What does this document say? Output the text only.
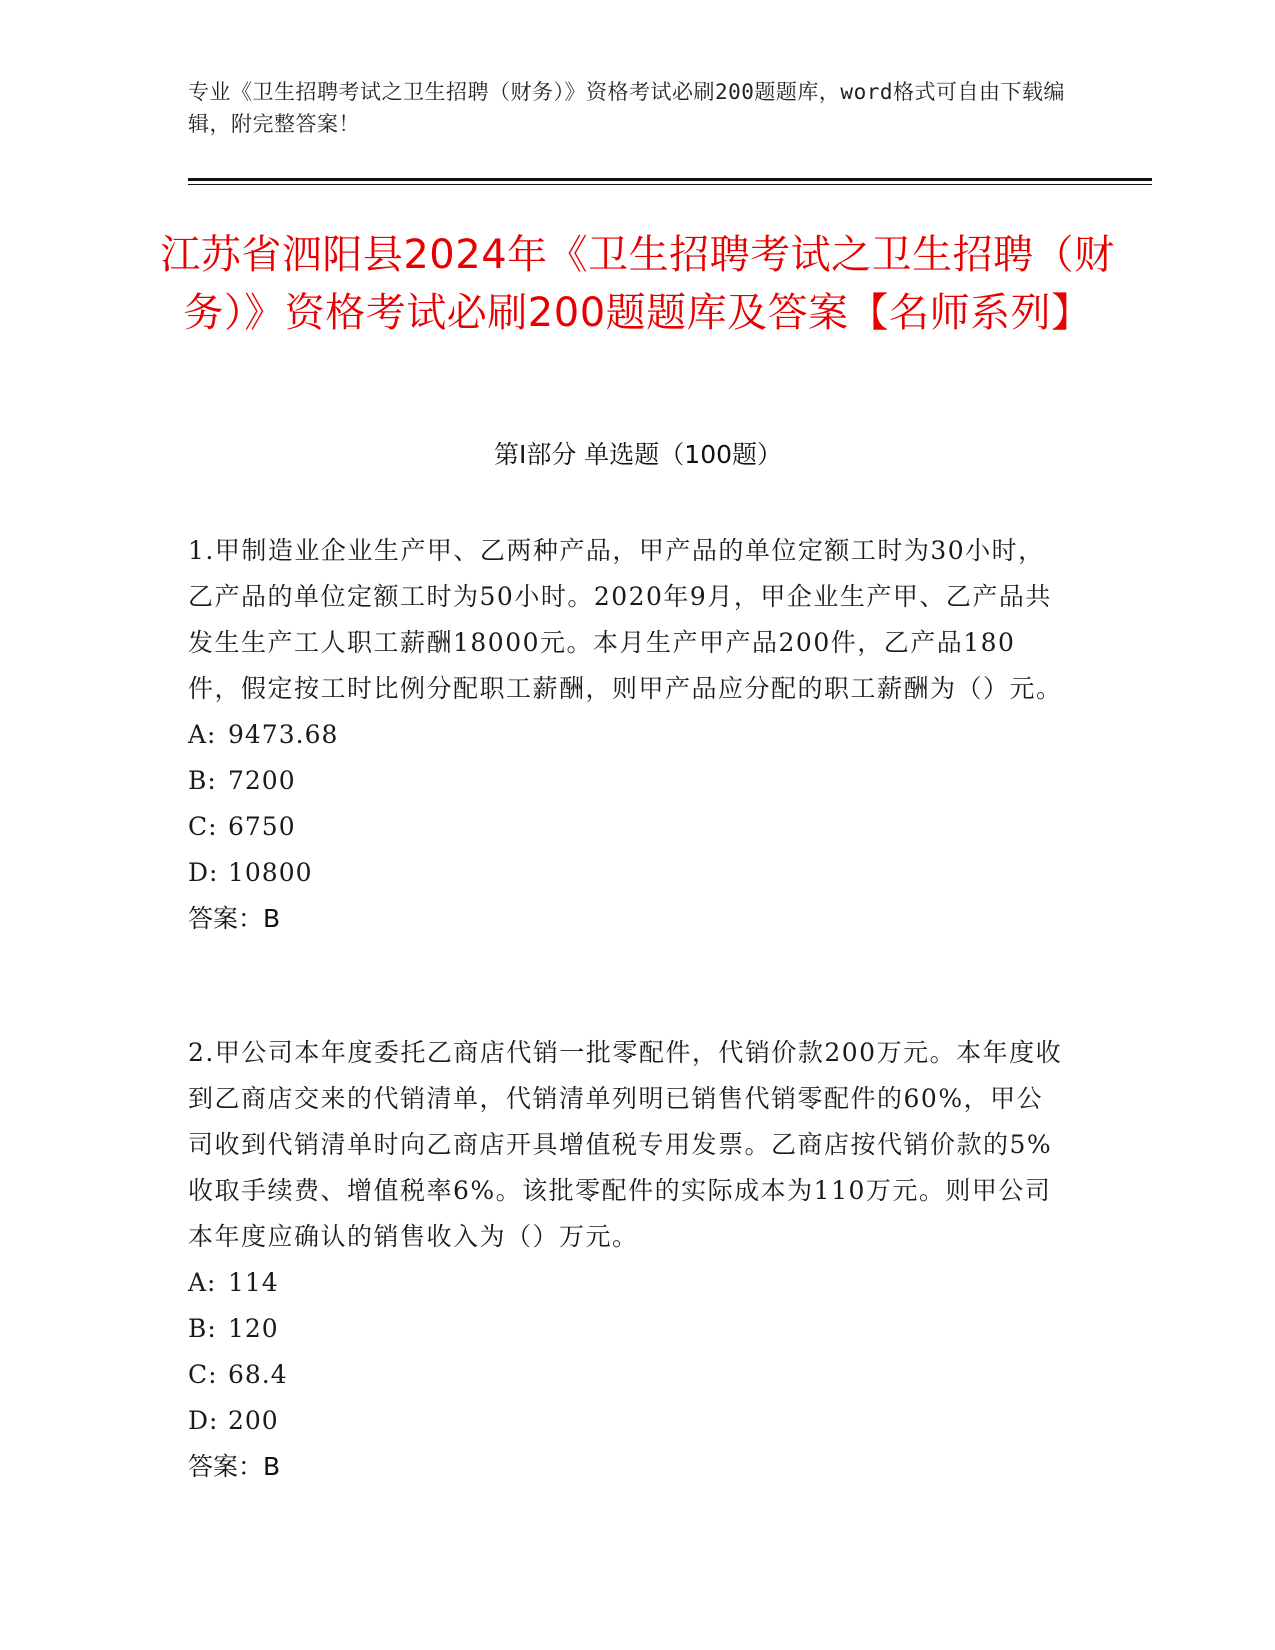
专业《卫生招聘考试之卫生招聘（财务）》资格考试必刷200题题库，word格式可自由下载编辑，附完整答案！
江苏省泗阳县2024年《卫生招聘考试之卫生招聘（财务）》资格考试必刷200题题库及答案【名师系列】
第I部分 单选题（100题）

1.甲制造业企业生产甲、乙两种产品，甲产品的单位定额工时为30小时，乙产品的单位定额工时为50小时。2020年9月，甲企业生产甲、乙产品共发生生产工人职工薪酬18000元。本月生产甲产品200件，乙产品180件，假定按工时比例分配职工薪酬，则甲产品应分配的职工薪酬为（）元。

A: 9473.68

B: 7200

C: 6750

D: 10800

答案：B

2.甲公司本年度委托乙商店代销一批零配件，代销价款200万元。本年度收到乙商店交来的代销清单，代销清单列明已销售代销零配件的60%，甲公司收到代销清单时向乙商店开具增值税专用发票。乙商店按代销价款的5%收取手续费、增值税率6%。该批零配件的实际成本为110万元。则甲公司本年度应确认的销售收入为（）万元。

A: 114

B: 120

C: 68.4

D: 200

答案：B
